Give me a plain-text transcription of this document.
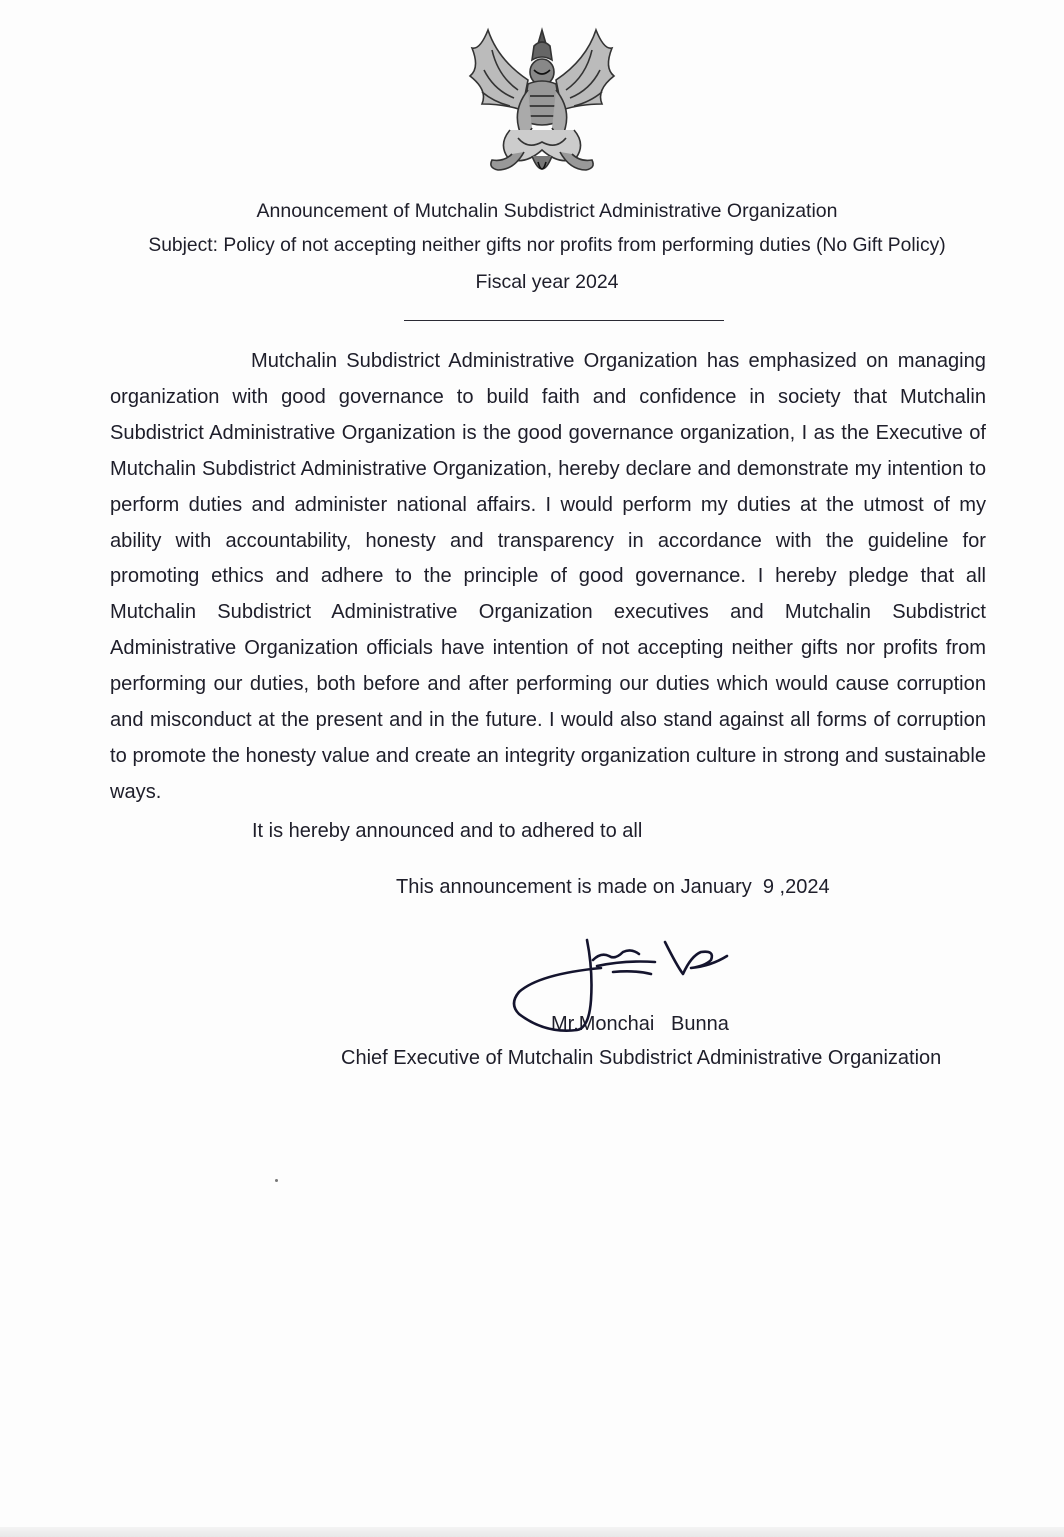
Announcement of Mutchalin Subdistrict Administrative Organization
Subject: Policy of not accepting neither gifts nor profits from performing duties (No Gift Policy)
Fiscal year 2024

Mutchalin Subdistrict Administrative Organization has emphasized on managing organization with good governance to build faith and confidence in society that Mutchalin Subdistrict Administrative Organization is the good governance organization, I as the Executive of Mutchalin Subdistrict Administrative Organization, hereby declare and demonstrate my intention to perform duties and administer national affairs. I would perform my duties at the utmost of my ability with accountability, honesty and transparency in accordance with the guideline for promoting ethics and adhere to the principle of good governance. I hereby pledge that all Mutchalin Subdistrict Administrative Organization executives and Mutchalin Subdistrict Administrative Organization officials have intention of not accepting neither gifts nor profits from performing our duties, both before and after performing our duties which would cause corruption and misconduct at the present and in the future. I would also stand against all forms of corruption to promote the honesty value and create an integrity organization culture in strong and sustainable ways.

It is hereby announced and to adhered to all
This announcement is made on January  9 ,2024
Mr.Monchai   Bunna
Chief Executive of Mutchalin Subdistrict Administrative Organization
